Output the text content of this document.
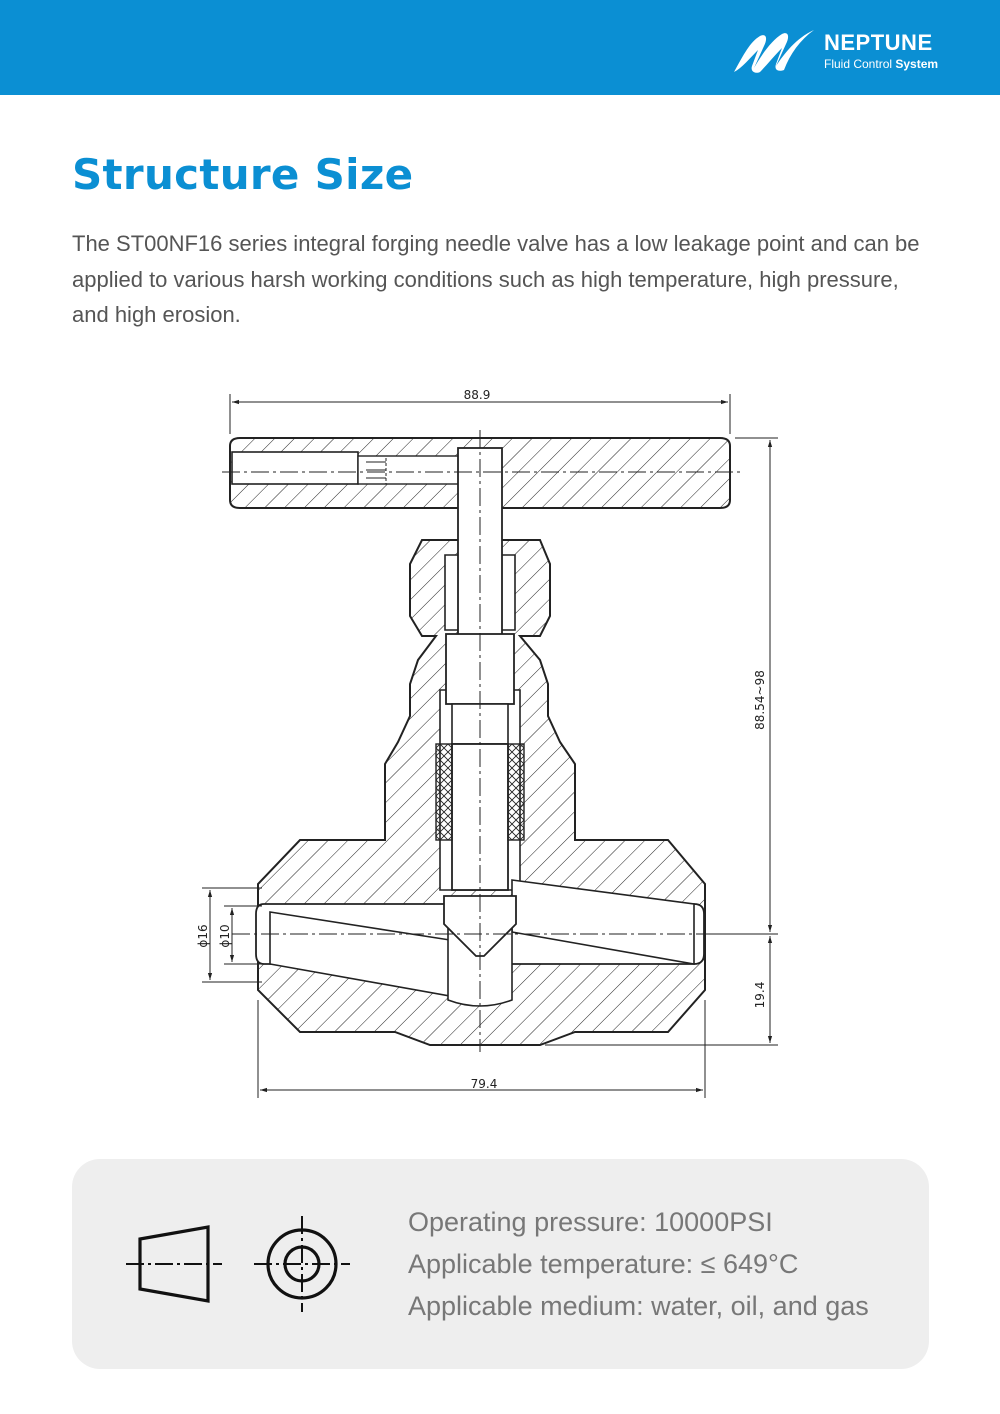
NEPTUNE
Fluid Control System
Structure Size

The ST00NF16 series integral forging needle valve has a low leakage point and can be applied to various harsh working conditions such as high temperature, high pressure, and high erosion.

88.9
88.54~98
19.4
79.4
ϕ16 ϕ10
Operating pressure: 10000PSI
Applicable temperature: ≤ 649°C
Applicable medium: water, oil, and gas
